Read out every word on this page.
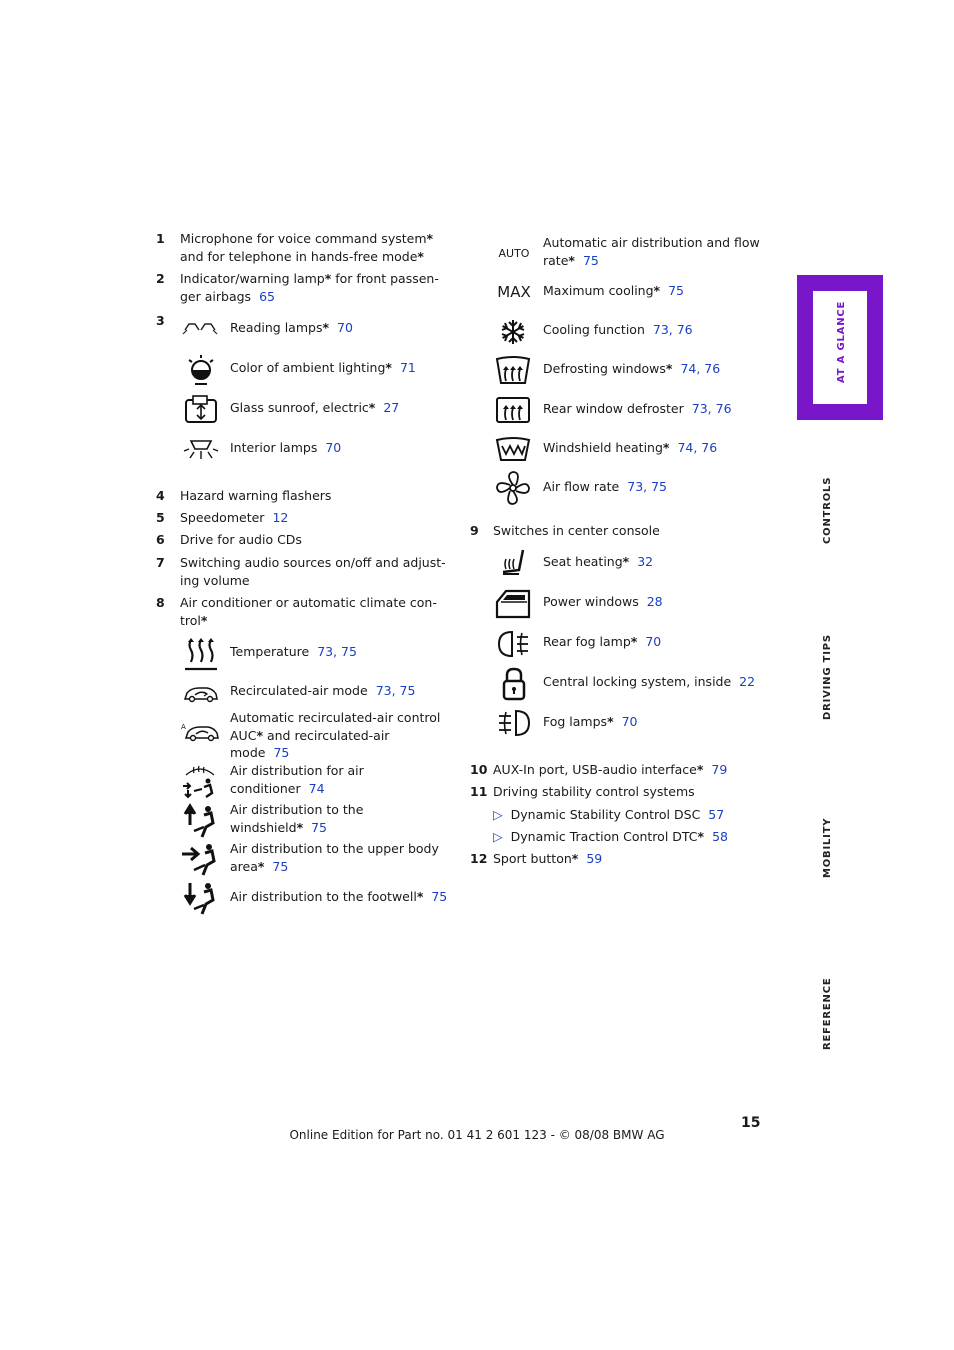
1 Microphone for voice command system*
and for telephone in hands-free mode*
2 Indicator/warning lamp* for front passen-
ger airbags 65
3	Reading lamps* 70
Color of ambient lighting* 71
Glass sunroof, electric* 27
Interior lamps 70
4 Hazard warning flashers
5 Speedometer 12
6 Drive for audio CDs
7 Switching audio sources on/off and adjust-
ing volume
8 Air conditioner or automatic climate con-
trol*
Temperature 73, 75
Recirculated-air mode 73, 75
A
Automatic recirculated-air control
AUC* and recirculated-air
mode 75
Air distribution for air
conditioner 74
Air distribution to the
windshield* 75
Air distribution to the upper body
area* 75
Air distribution to the footwell* 75
AUTO
Automatic air distribution and flow
rate* 75
MAX Maximum cooling* 75
Cooling function 73, 76
Defrosting windows* 74, 76
Rear window defroster 73, 76
Windshield heating* 74, 76
Air flow rate 73, 75
9 Switches in center console
Seat heating* 32
Power windows 28
Rear fog lamp* 70
Central locking system, inside 22
Fog lamps* 70
10 AUX-In port, USB-audio interface* 79
11 Driving stability control systems
▷ Dynamic Stability Control DSC 57
▷ Dynamic Traction Control DTC* 58
12 Sport button* 59
AT A GLANCE
CONTROLS
DRIVING TIPS
MOBILITY
REFERENCE
15
Online Edition for Part no. 01 41 2 601 123 - © 08/08 BMW AG
